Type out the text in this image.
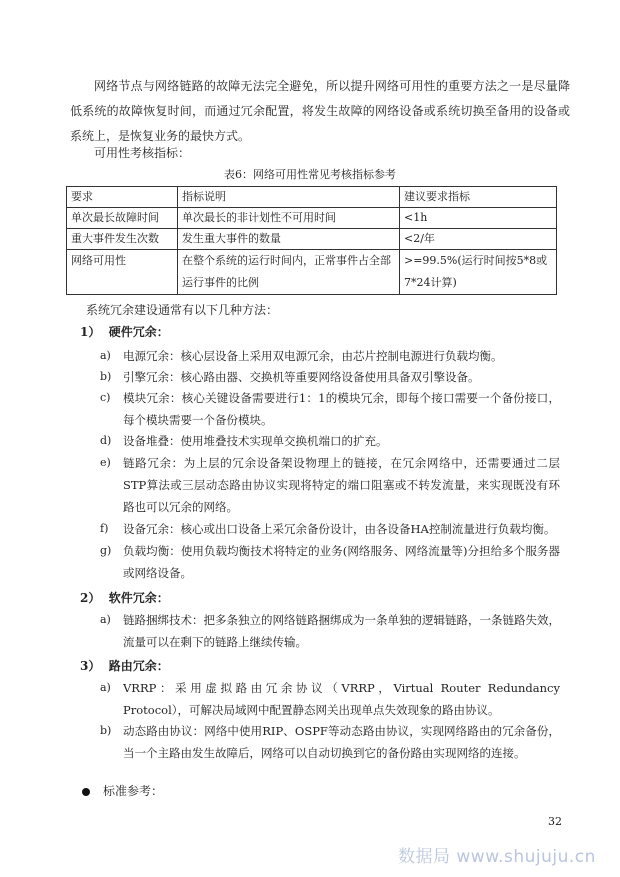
网络节点与网络链路的故障无法完全避免，所以提升网络可用性的重要方法之一是尽量降低系统的故障恢复时间，而通过冗余配置，将发生故障的网络设备或系统切换至备用的设备或系统上，是恢复业务的最快方式。

可用性考核指标：
表6：网络可用性常见考核指标参考
要求	指标说明	建议要求指标
单次最长故障时间	单次最长的非计划性不可用时间	<1h
重大事件发生次数	发生重大事件的数量	<2/年
网络可用性	在整个系统的运行时间内，正常事件占全部运行事件的比例	>=99.5%(运行时间按5*8或7*24计算)
系统冗余建设通常有以下几种方法：
1） 硬件冗余：
a)	电源冗余：核心层设备上采用双电源冗余，由芯片控制电源进行负载均衡。
b)	引擎冗余：核心路由器、交换机等重要网络设备使用具备双引擎设备。
c)	模块冗余：核心关键设备需要进行1：1的模块冗余，即每个接口需要一个备份接口，每个模块需要一个备份模块。
d)	设备堆叠：使用堆叠技术实现单交换机端口的扩充。
e)	链路冗余：为上层的冗余设备架设物理上的链接，在冗余网络中，还需要通过二层STP算法或三层动态路由协议实现将特定的端口阻塞或不转发流量，来实现既没有环路也可以冗余的网络。
f)	设备冗余：核心或出口设备上采冗余备份设计，由各设备HA控制流量进行负载均衡。
g)	负载均衡：使用负载均衡技术将特定的业务(网络服务、网络流量等)分担给多个服务器或网络设备。
2） 软件冗余：
a)	链路捆绑技术：把多条独立的网络链路捆绑成为一条单独的逻辑链路，一条链路失效，流量可以在剩下的链路上继续传输。
3） 路由冗余：
a)	VRRP：采用虚拟路由冗余协议（VRRP，Virtual Router Redundancy Protocol），可解决局域网中配置静态网关出现单点失效现象的路由协议。
b)	动态路由协议：网络中使用RIP、OSPF等动态路由协议，实现网络路由的冗余备份，当一个主路由发生故障后，网络可以自动切换到它的备份路由实现网络的连接。
标准参考：
32
数据局 www.shujuju.cn
